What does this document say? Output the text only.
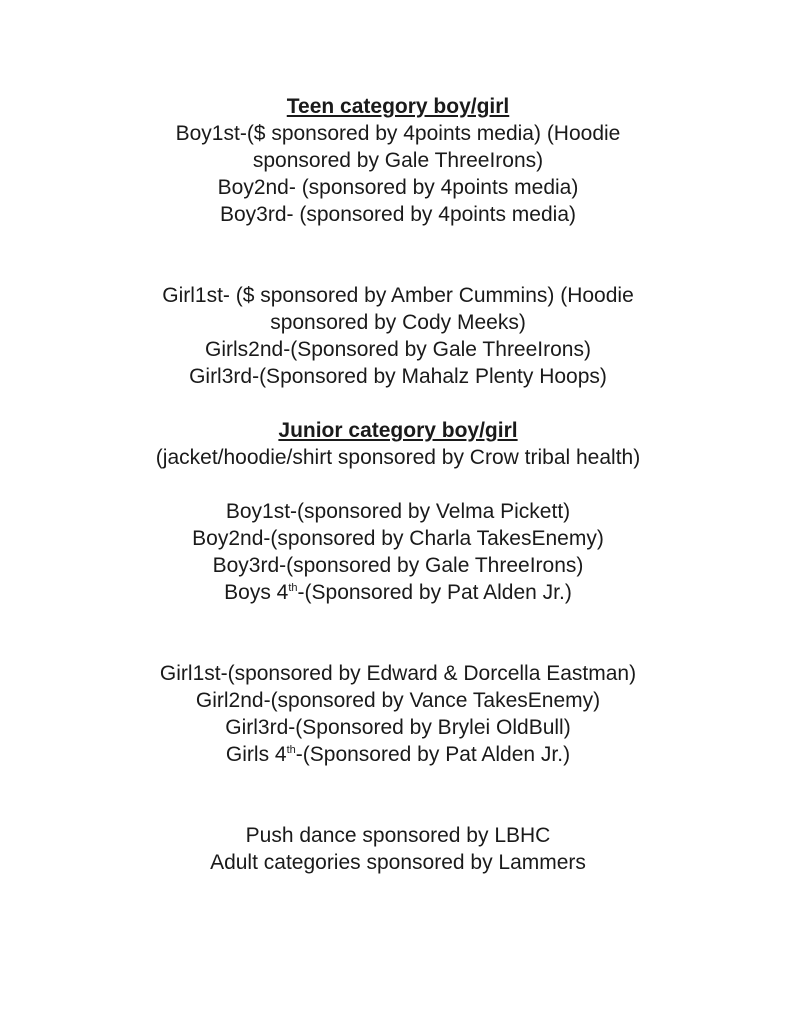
Teen category boy/girl
Boy1st-($ sponsored by 4points media) (Hoodie
sponsored by Gale ThreeIrons)
Boy2nd- (sponsored by 4points media)
Boy3rd- (sponsored by 4points media)
Girl1st- ($ sponsored by Amber Cummins) (Hoodie
sponsored by Cody Meeks)
Girls2nd-(Sponsored by Gale ThreeIrons)
Girl3rd-(Sponsored by Mahalz Plenty Hoops)
Junior category boy/girl
(jacket/hoodie/shirt sponsored by Crow tribal health)
Boy1st-(sponsored by Velma Pickett)
Boy2nd-(sponsored by Charla TakesEnemy)
Boy3rd-(sponsored by Gale ThreeIrons)
Boys 4th-(Sponsored by Pat Alden Jr.)
Girl1st-(sponsored by Edward & Dorcella Eastman)
Girl2nd-(sponsored by Vance TakesEnemy)
Girl3rd-(Sponsored by Brylei OldBull)
Girls 4th-(Sponsored by Pat Alden Jr.)
Push dance sponsored by LBHC
Adult categories sponsored by Lammers
